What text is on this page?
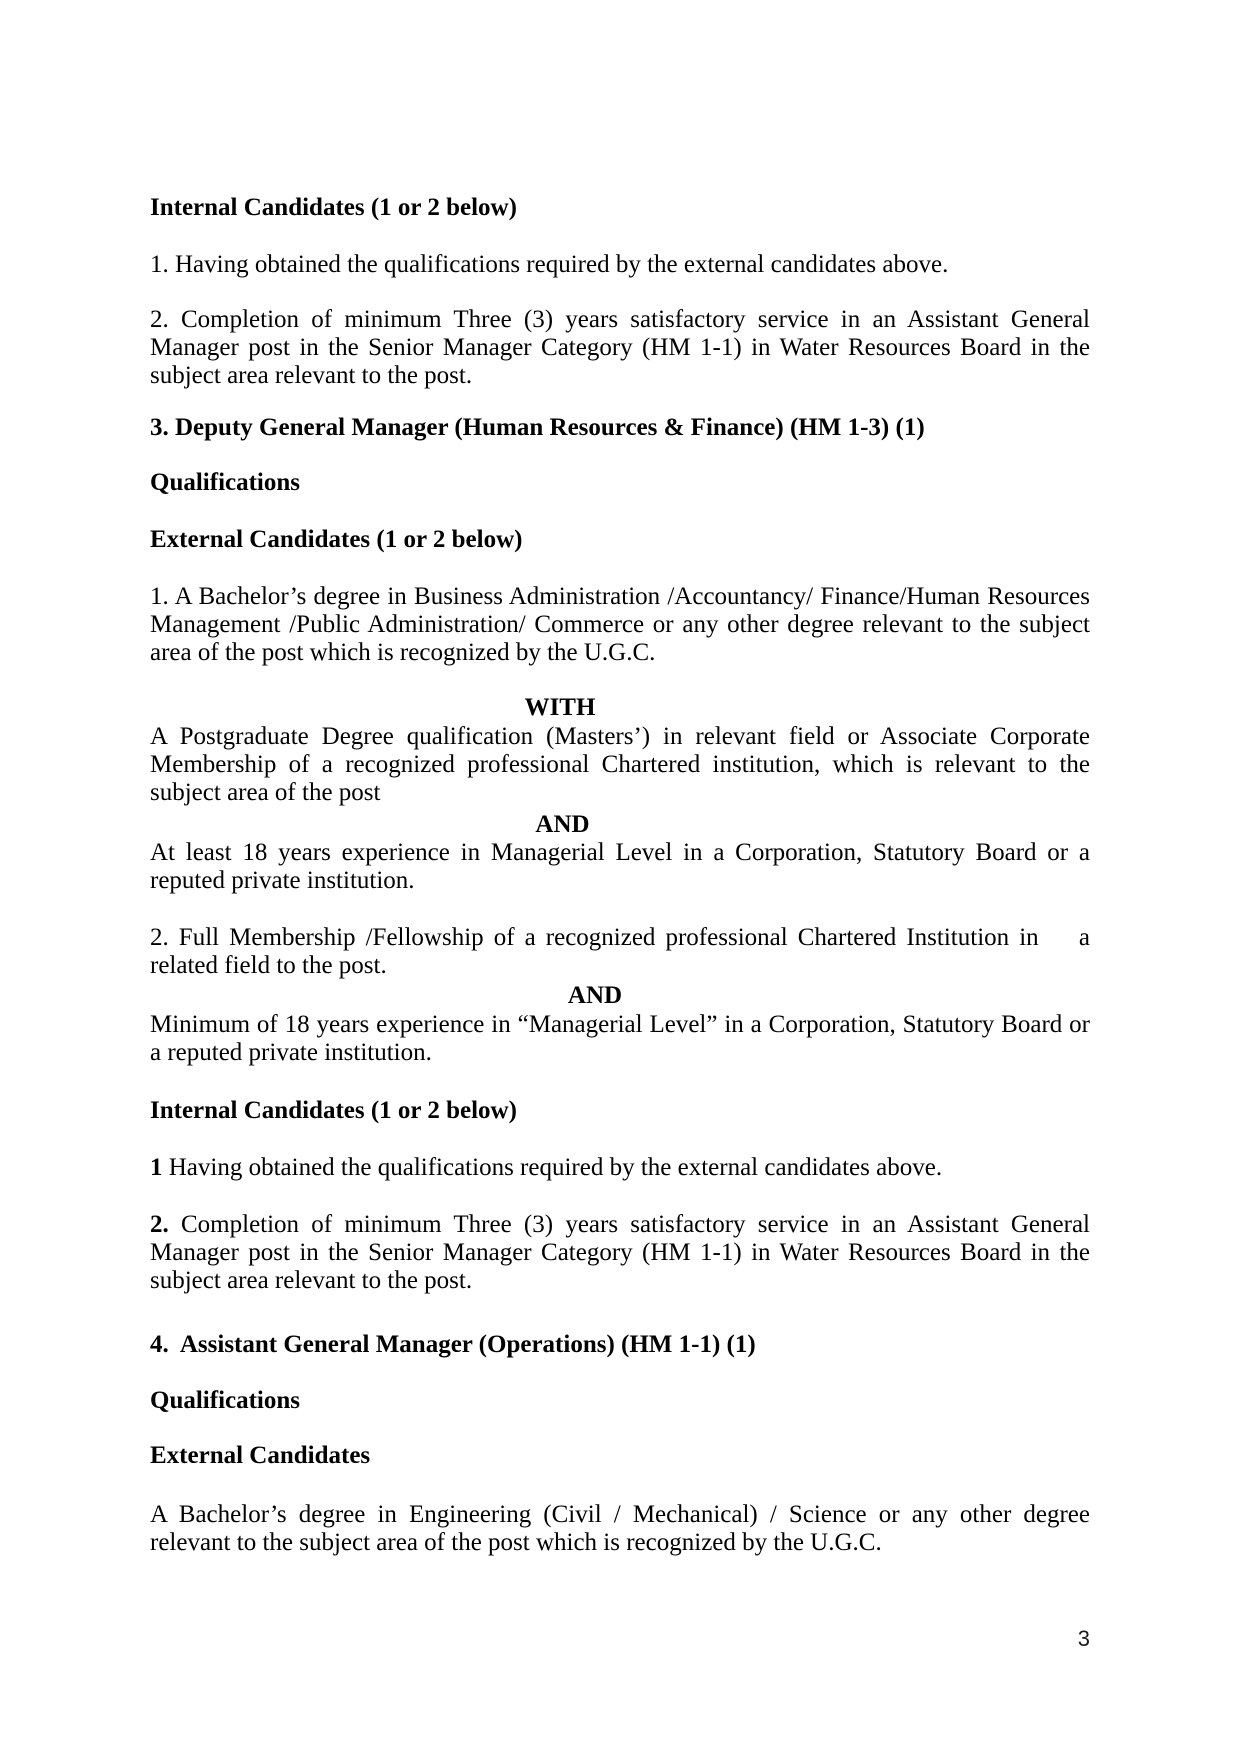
Internal Candidates (1 or 2 below)
1. Having obtained the qualifications required by the external candidates above.
2. Completion of minimum Three (3) years satisfactory service in an Assistant General Manager post in the Senior Manager Category (HM 1-1) in Water Resources Board in the subject area relevant to the post.
3. Deputy General Manager (Human Resources & Finance) (HM 1-3) (1)
Qualifications
External Candidates (1 or 2 below)
1. A Bachelor’s degree in Business Administration /Accountancy/ Finance/Human Resources Management /Public Administration/ Commerce or any other degree relevant to the subject area of the post which is recognized by the U.G.C.
WITH
A Postgraduate Degree qualification (Masters’) in relevant field or Associate Corporate Membership of a recognized professional Chartered institution, which is relevant to the subject area of the post
AND
At least 18 years experience in Managerial Level in a Corporation, Statutory Board or a reputed private institution.
2. Full Membership /Fellowship of a recognized professional Chartered Institution in    a related field to the post.
AND
Minimum of 18 years experience in “Managerial Level” in a Corporation, Statutory Board or a reputed private institution.
Internal Candidates (1 or 2 below)
1 Having obtained the qualifications required by the external candidates above.
2. Completion of minimum Three (3) years satisfactory service in an Assistant General Manager post in the Senior Manager Category (HM 1-1) in Water Resources Board in the subject area relevant to the post.
4.  Assistant General Manager (Operations) (HM 1-1) (1)
Qualifications
External Candidates
A Bachelor’s degree in Engineering (Civil / Mechanical) / Science or any other degree relevant to the subject area of the post which is recognized by the U.G.C.
3
